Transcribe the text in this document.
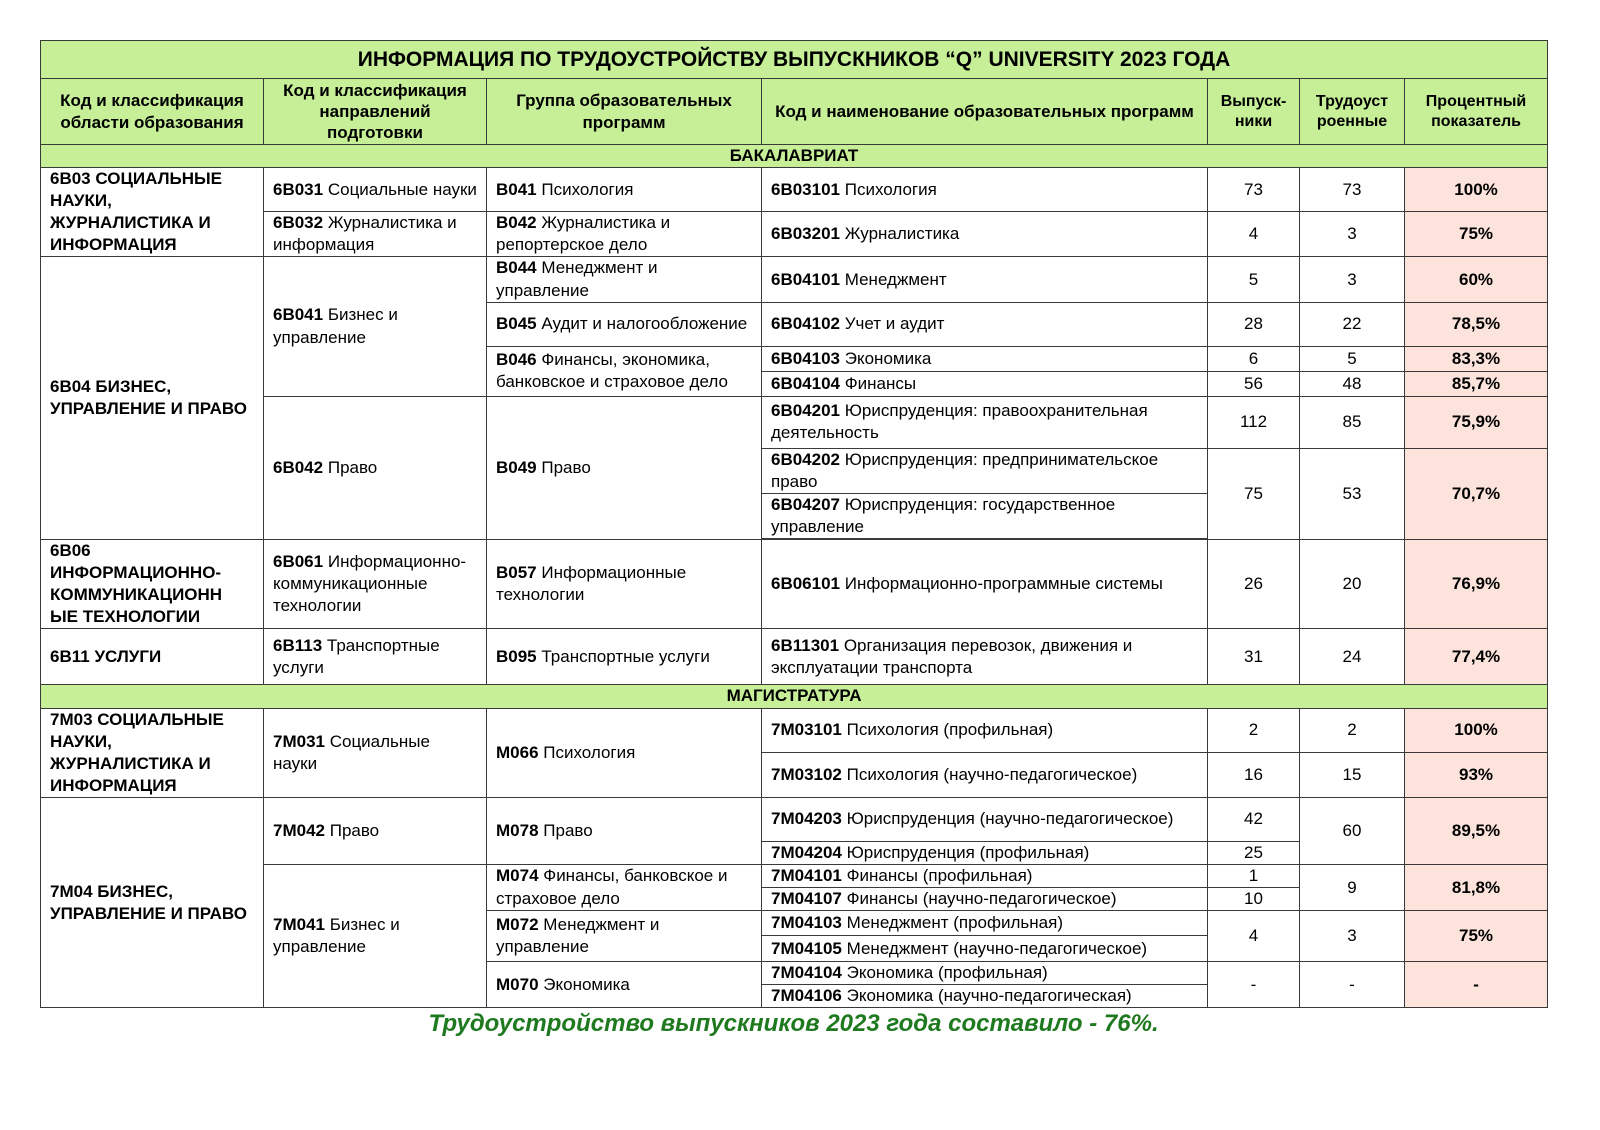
ИНФОРМАЦИЯ ПО ТРУДОУСТРОЙСТВУ ВЫПУСКНИКОВ “Q” UNIVERSITY 2023 ГОДА						
Код и классификация области образования	Код и классификация направлений подготовки	Группа образовательных программ	Код и наименование образовательных программ	Выпуск-ники	Трудоуст роенные	Процентный показатель
БАКАЛАВРИАТ						
6B03 СОЦИАЛЬНЫЕ НАУКИ, ЖУРНАЛИСТИКА И ИНФОРМАЦИЯ	6B031 Социальные науки	B041 Психология	6B03101 Психология	73	73	100%
	6B032 Журналистика и информация	B042 Журналистика и репортерское дело	6B03201 Журналистика	4	3	75%
6B04 БИЗНЕС, УПРАВЛЕНИЕ И ПРАВО	6B041 Бизнес и управление	B044 Менеджмент и управление	6B04101 Менеджмент	5	3	60%
		B045 Аудит и налогообложение	6B04102 Учет и аудит	28	22	78,5%
		B046 Финансы, экономика, банковское и страховое дело	6B04103 Экономика	6	5	83,3%
			6B04104 Финансы	56	48	85,7%
	6B042 Право	B049 Право	6B04201 Юриспруденция: правоохранительная деятельность	112	85	75,9%
			6B04202 Юриспруденция: предпринимательское право	75	53	70,7%
			6B04207 Юриспруденция: государственное управление			

6B06 ИНФОРМАЦИОННО-КОММУНИКАЦИОНН ЫЕ ТЕХНОЛОГИИ	6B061 Информационно-коммуникационные технологии	B057 Информационные технологии	6B06101 Информационно-программные системы	26	20	76,9%
6B11 УСЛУГИ	6B113 Транспортные услуги	B095 Транспортные услуги	6B11301 Организация перевозок, движения и эксплуатации транспорта	31	24	77,4%
МАГИСТРАТУРА						
7M03 СОЦИАЛЬНЫЕ НАУКИ, ЖУРНАЛИСТИКА И ИНФОРМАЦИЯ	7M031 Социальные науки	M066 Психология	7M03101 Психология (профильная)	2	2	100%
			7M03102 Психология (научно-педагогическое)	16	15	93%
7M04 БИЗНЕС, УПРАВЛЕНИЕ И ПРАВО	7M042 Право	M078 Право	7M04203 Юриспруденция (научно-педагогическое)	42	60	89,5%
			7M04204 Юриспруденция (профильная)	25		
	7M041 Бизнес и управление	M074 Финансы, банковское и страховое дело	7M04101 Финансы (профильная)	1	9	81,8%
			7M04107 Финансы (научно-педагогическое)	10		
		M072 Менеджмент и управление	7M04103 Менеджмент (профильная)	4	3	75%
			7M04105 Менеджмент (научно-педагогическое)			
		M070 Экономика	7M04104 Экономика (профильная)	-	-	-
			7M04106 Экономика (научно-педагогическая)			
Трудоустройство выпускников 2023 года составило - 76%.
